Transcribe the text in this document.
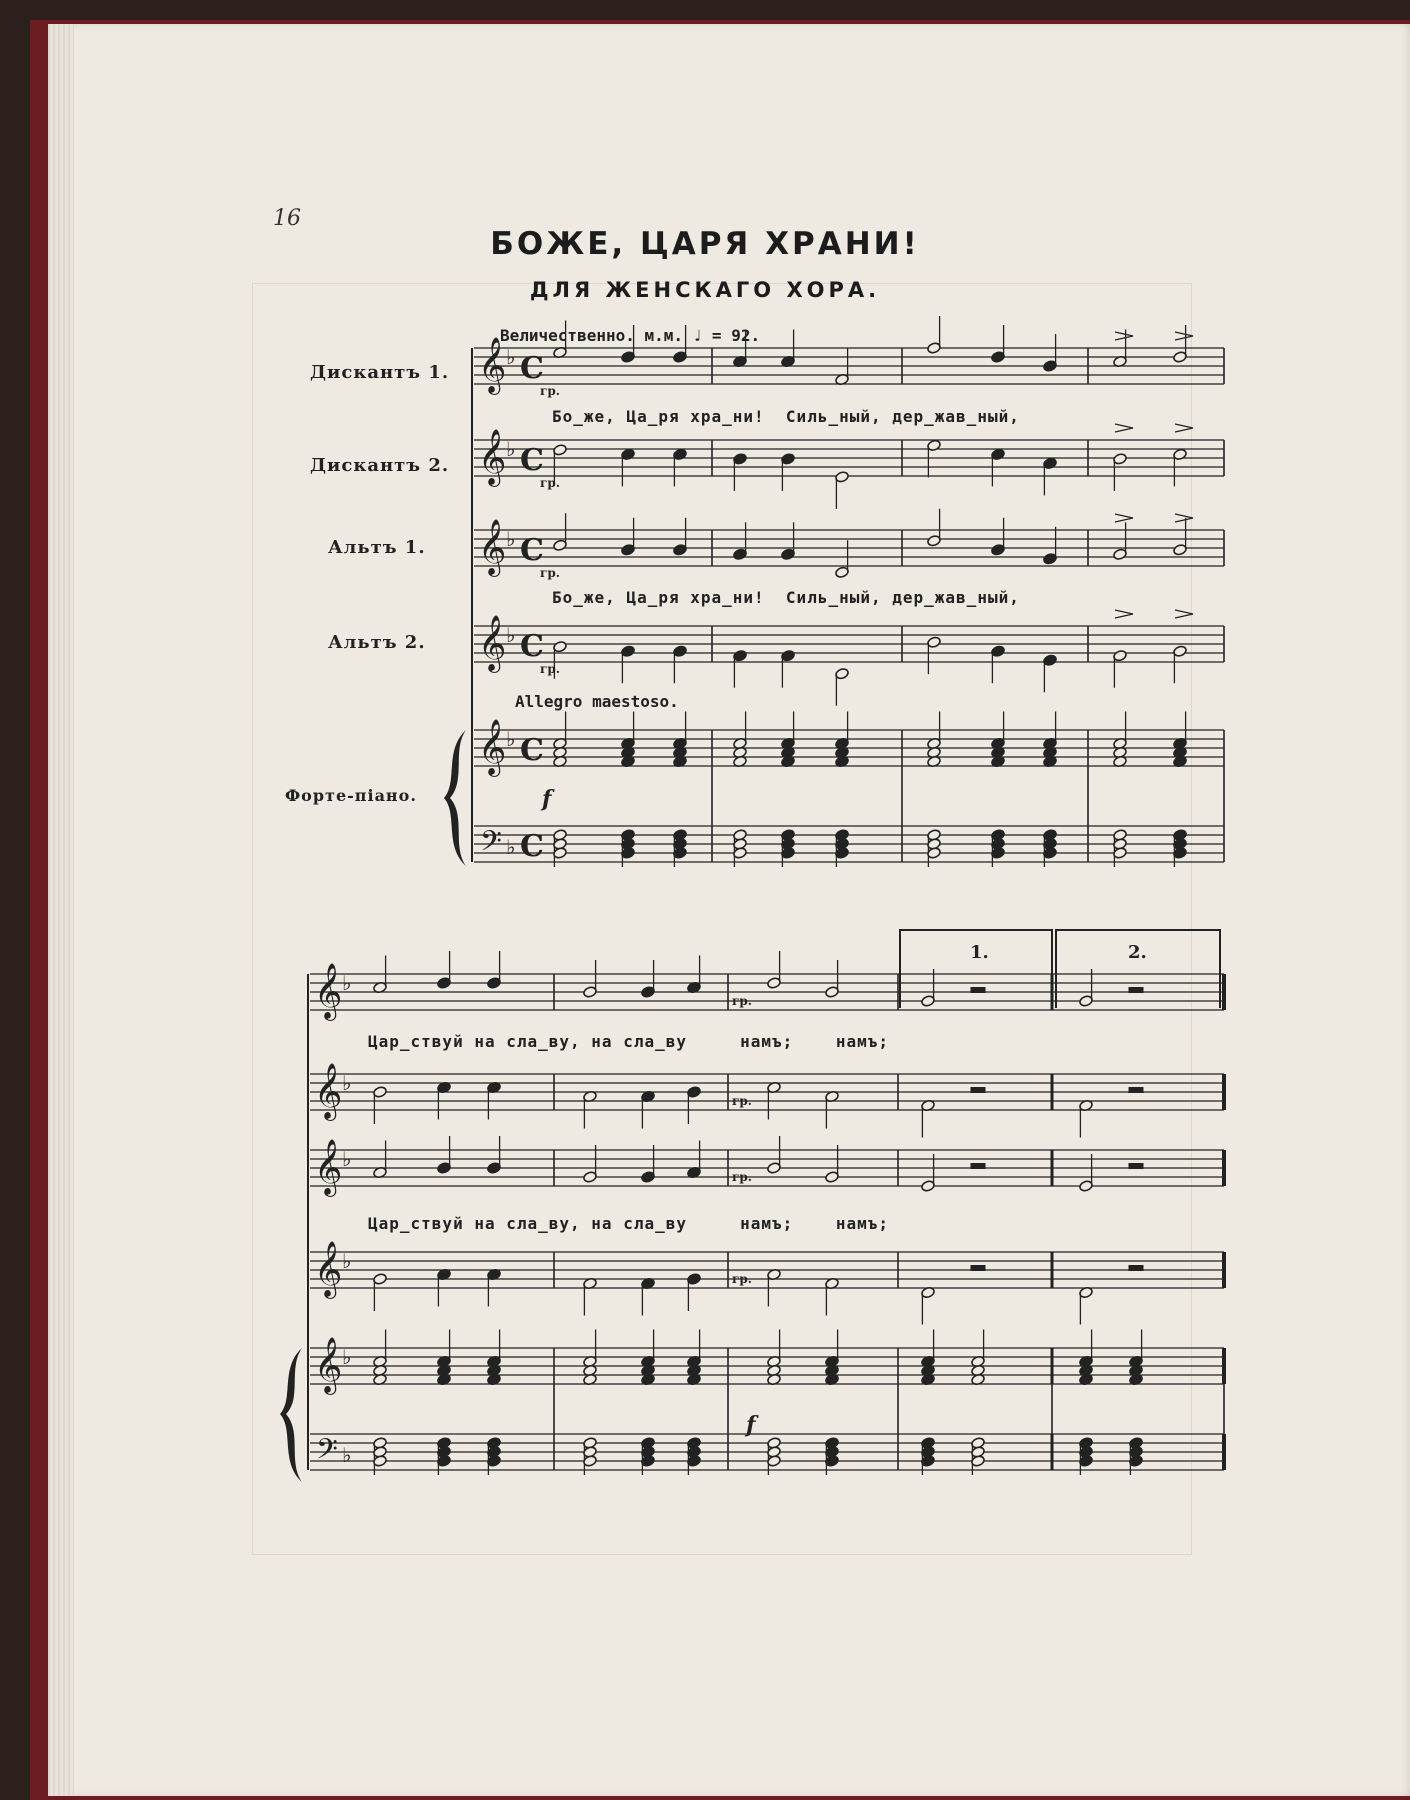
16
БОЖЕ, ЦАРЯ ХРАНИ!
ДЛЯ ЖЕНСКАГО ХОРА.
Величественно. м.м. ♩ = 92.
Allegro maestoso.
Дискантъ 1.
Дискантъ 2.
Альтъ 1.
Альтъ 2.
Форте-піано.
Бо_же, Ца_ря хра_ни!  Силь_ный, дер_жав_ный,
Бо_же, Ца_ря хра_ни!  Силь_ный, дер_жав_ный,
Цар_ствуй на сла_ву, на сла_ву     намъ;    намъ;
Цар_ствуй на сла_ву, на сла_ву     намъ;    намъ;
1.	2.
f
f
𝄞 ♭ C
𝄞 ♭ C
𝄞 ♭ C
𝄞 ♭ C
𝄞 ♭ C
𝄢 ♭ C
гр.
гр.
гр.
гр.
𝄞 ♭
𝄞 ♭
𝄞 ♭
𝄞 ♭
𝄞 ♭
𝄢 ♭
гр.
гр.
гр.
гр.
